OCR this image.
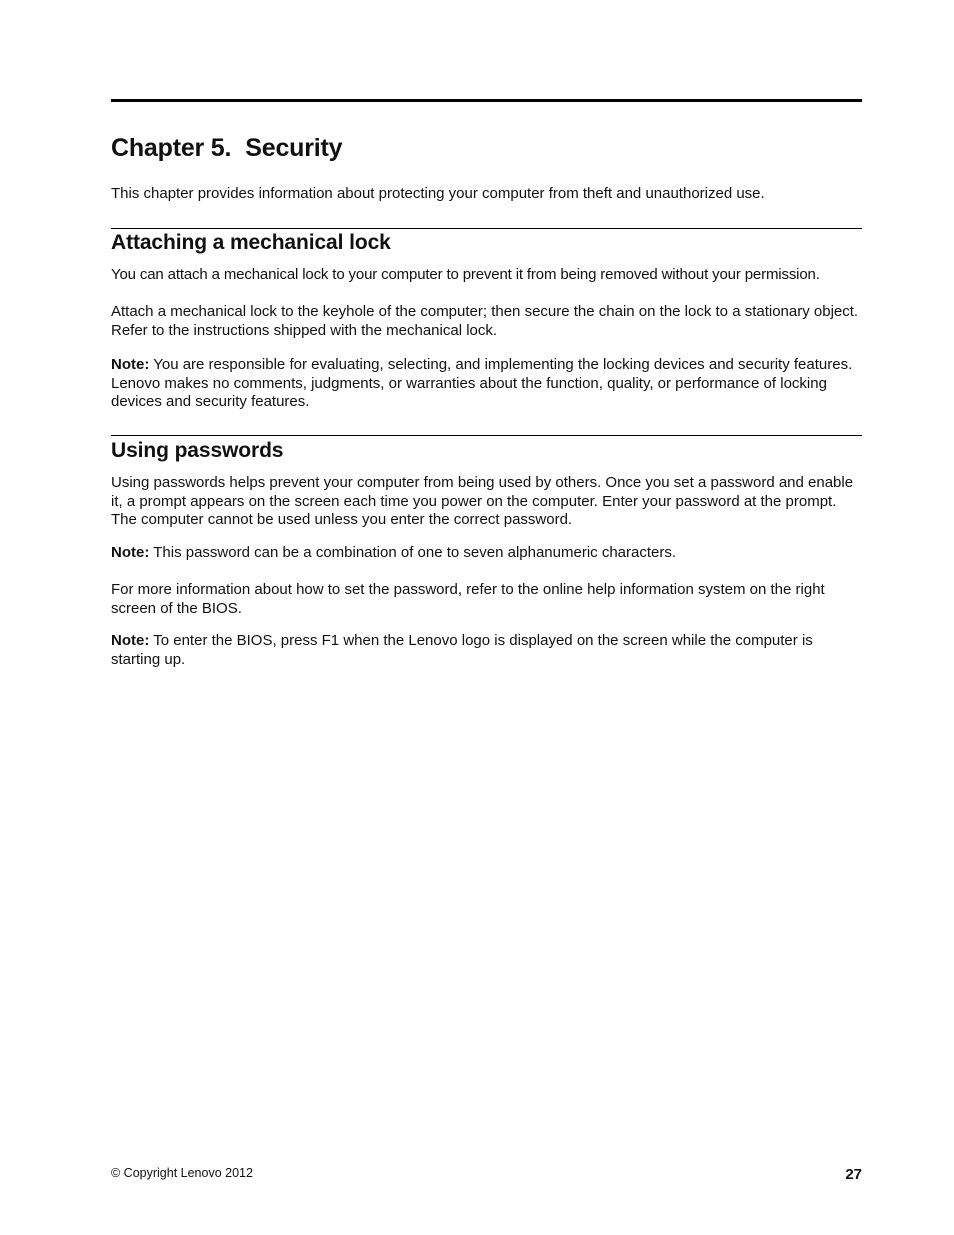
Chapter 5. Security

This chapter provides information about protecting your computer from theft and unauthorized use.

Attaching a mechanical lock

You can attach a mechanical lock to your computer to prevent it from being removed without your permission.

Attach a mechanical lock to the keyhole of the computer; then secure the chain on the lock to a stationary object. Refer to the instructions shipped with the mechanical lock.

Note: You are responsible for evaluating, selecting, and implementing the locking devices and security features. Lenovo makes no comments, judgments, or warranties about the function, quality, or performance of locking devices and security features.

Using passwords

Using passwords helps prevent your computer from being used by others. Once you set a password and enable it, a prompt appears on the screen each time you power on the computer. Enter your password at the prompt. The computer cannot be used unless you enter the correct password.

Note: This password can be a combination of one to seven alphanumeric characters.

For more information about how to set the password, refer to the online help information system on the right screen of the BIOS.

Note: To enter the BIOS, press F1 when the Lenovo logo is displayed on the screen while the computer is starting up.

© Copyright Lenovo 2012	27
